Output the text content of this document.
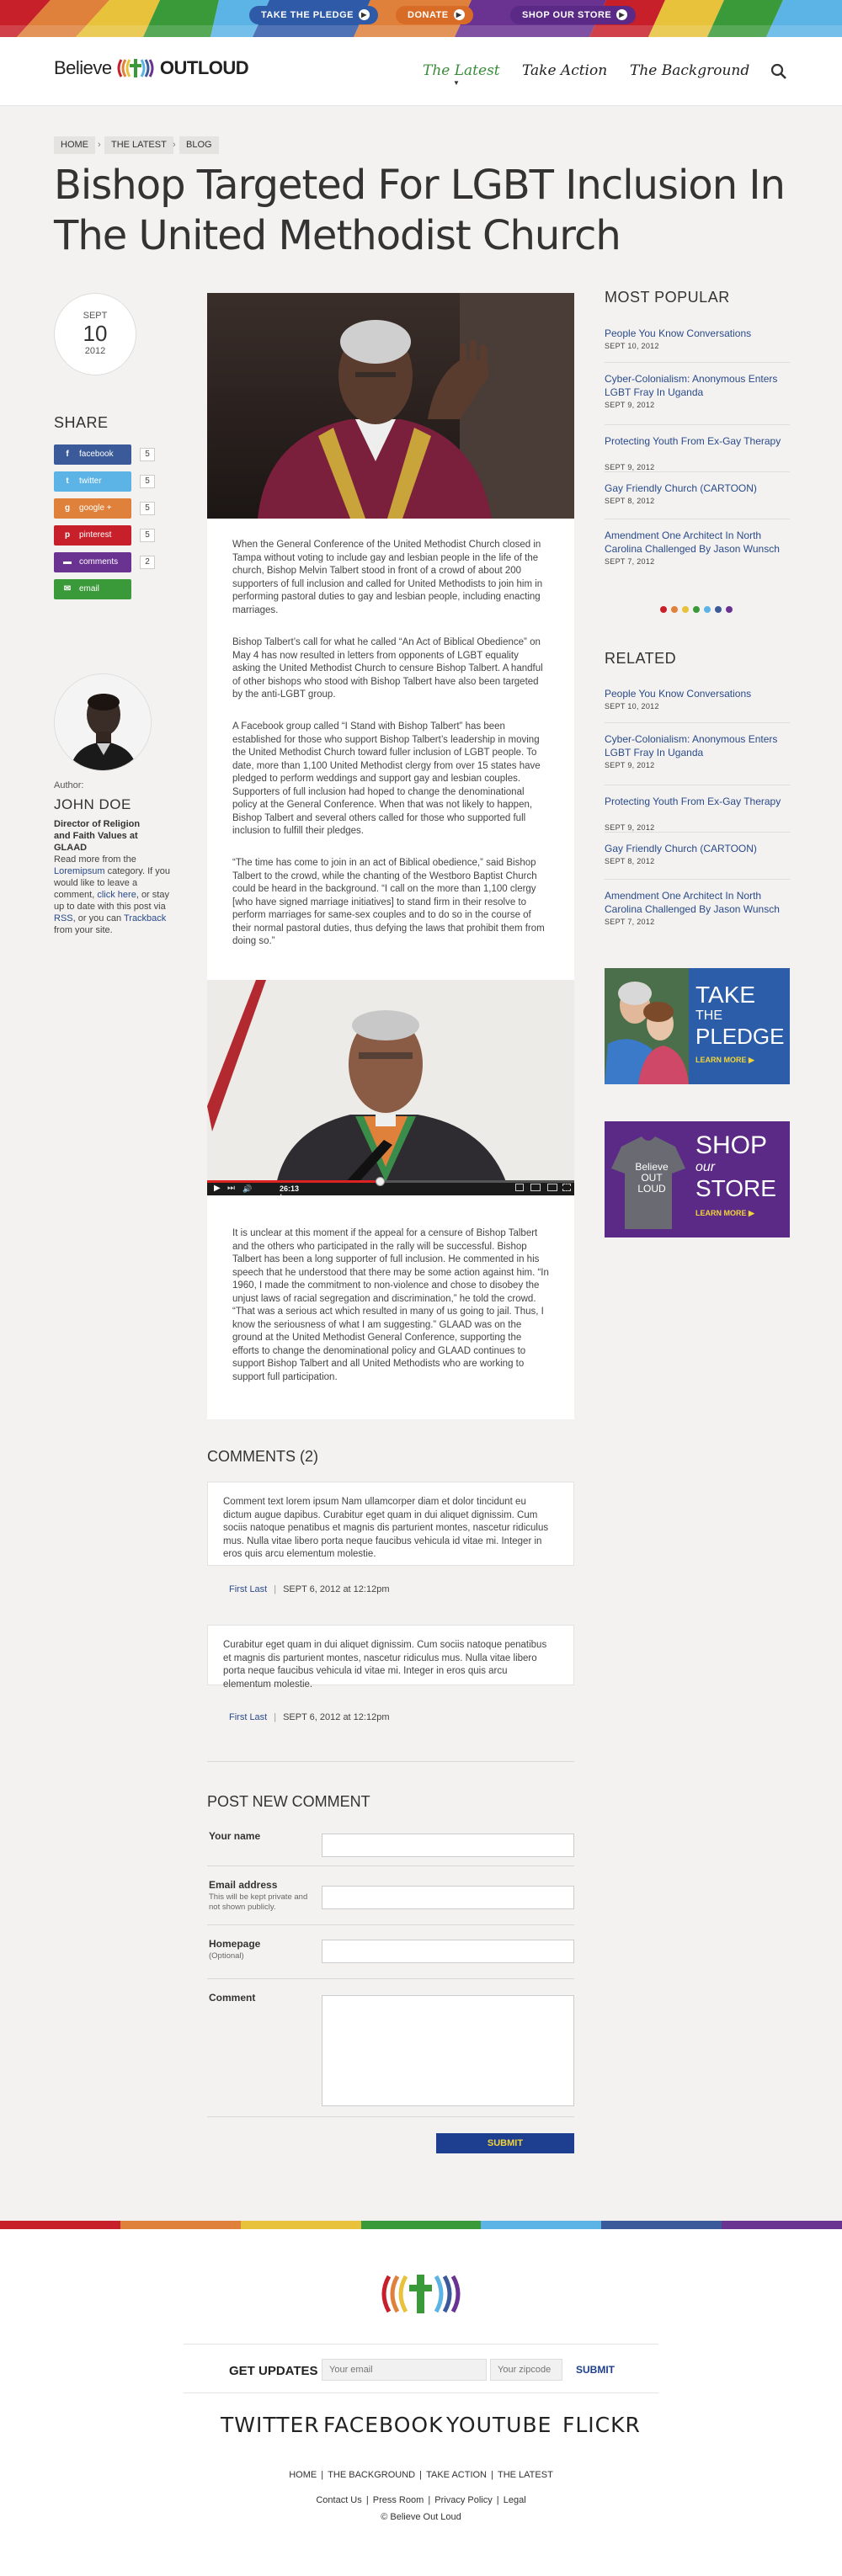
TAKE THE PLEDGE ▶	DONATE ▶	SHOP OUR STORE ▶
Believe	OUTLOUD	The Latest
▼
Take Action The Background
HOME	›	THE LATEST ›	BLOG
Bishop Targeted For LGBT Inclusion In The United Methodist Church
SEPT
10
2012
SHARE
f	facebook	5
t	twitter	5
g google +	5
p pinterest	5
▬ comments	2
✉ email
Author:
JOHN DOE
Director of Religion and Faith Values at GLAAD
Read more from the Loremipsum category. If you would like to leave a comment, click here, or stay up to date with this post via RSS, or you can Trackback from your site.
When the General Conference of the United Methodist Church closed in Tampa without voting to include gay and lesbian people in the life of the church, Bishop Melvin Talbert stood in front of a crowd of about 200 supporters of full inclusion and called for United Methodists to join him in performing pastoral duties to gay and lesbian people, including enacting marriages.
Bishop Talbert’s call for what he called “An Act of Biblical Obedience” on May 4 has now resulted in letters from opponents of LGBT equality asking the United Methodist Church to censure Bishop Talbert. A handful of other bishops who stood with Bishop Talbert have also been targeted by the anti-LGBT group.
A Facebook group called “I Stand with Bishop Talbert” has been established for those who support Bishop Talbert’s leadership in moving the United Methodist Church toward fuller inclusion of LGBT people. To date, more than 1,100 United Methodist clergy from over 15 states have pledged to perform weddings and support gay and lesbian couples. Supporters of full inclusion had hoped to change the denominational policy at the General Conference. When that was not likely to happen, Bishop Talbert and several others called for those who supported full inclusion to fulfill their pledges.
“The time has come to join in an act of Biblical obedience,” said Bishop Talbert to the crowd, while the chanting of the Westboro Baptist Church could be heard in the background. “I call on the more than 1,100 clergy [who have signed marriage initiatives] to stand firm in their resolve to perform marriages for same-sex couples and to do so in the course of their normal pastoral duties, thus defying the laws that prohibit them from doing so.”
▶ ⏭ 🔊	26:13 / 45:20
It is unclear at this moment if the appeal for a censure of Bishop Talbert and the others who participated in the rally will be successful. Bishop Talbert has been a long supporter of full inclusion. He commented in his speech that he understood that there may be some action against him. “In 1960, I made the commitment to non-violence and chose to disobey the unjust laws of racial segregation and discrimination,” he told the crowd. “That was a serious act which resulted in many of us going to jail. Thus, I know the seriousness of what I am suggesting.” GLAAD was on the ground at the United Methodist General Conference, supporting the efforts to change the denominational policy and GLAAD continues to support Bishop Talbert and all United Methodists who are working to support full participation.
MOST POPULAR
People You Know Conversations
SEPT 10, 2012
Cyber-Colonialism: Anonymous Enters LGBT Fray In Uganda
SEPT 9, 2012
Protecting Youth From Ex-Gay Therapy
SEPT 9, 2012
Gay Friendly Church (CARTOON)
SEPT 8, 2012
Amendment One Architect In North Carolina Challenged By Jason Wunsch
SEPT 7, 2012
RELATED
People You Know Conversations
SEPT 10, 2012
Cyber-Colonialism: Anonymous Enters LGBT Fray In Uganda
SEPT 9, 2012
Protecting Youth From Ex-Gay Therapy
SEPT 9, 2012
Gay Friendly Church (CARTOON)
SEPT 8, 2012
Amendment One Architect In North Carolina Challenged By Jason Wunsch
SEPT 7, 2012
TAKE
THE
PLEDGE
LEARN MORE ▶
Believe OUT LOUD
SHOP
our
STORE
LEARN MORE ▶
COMMENTS (2)
Comment text lorem ipsum Nam ullamcorper diam et dolor tincidunt eu dictum augue dapibus. Curabitur eget quam in dui aliquet dignissim. Cum sociis natoque penatibus et magnis dis parturient montes, nascetur ridiculus mus. Nulla vitae libero porta neque faucibus vehicula id vitae mi. Integer in eros quis arcu elementum molestie.
First Last | SEPT 6, 2012 at 12:12pm
Curabitur eget quam in dui aliquet dignissim. Cum sociis natoque penatibus et magnis dis parturient montes, nascetur ridiculus mus. Nulla vitae libero porta neque faucibus vehicula id vitae mi. Integer in eros quis arcu elementum molestie.
First Last | SEPT 6, 2012 at 12:12pm
POST NEW COMMENT
Your name
Email address
This will be kept private and not shown publicly.
Homepage
(Optional)
Comment
SUBMIT
GET UPDATES
Your email
Your zipcode	SUBMIT
TWITTER FACEBOOK YOUTUBE FLICKR
HOME | THE BACKGROUND | TAKE ACTION | THE LATEST
Contact Us | Press Room | Privacy Policy | Legal
© Believe Out Loud
